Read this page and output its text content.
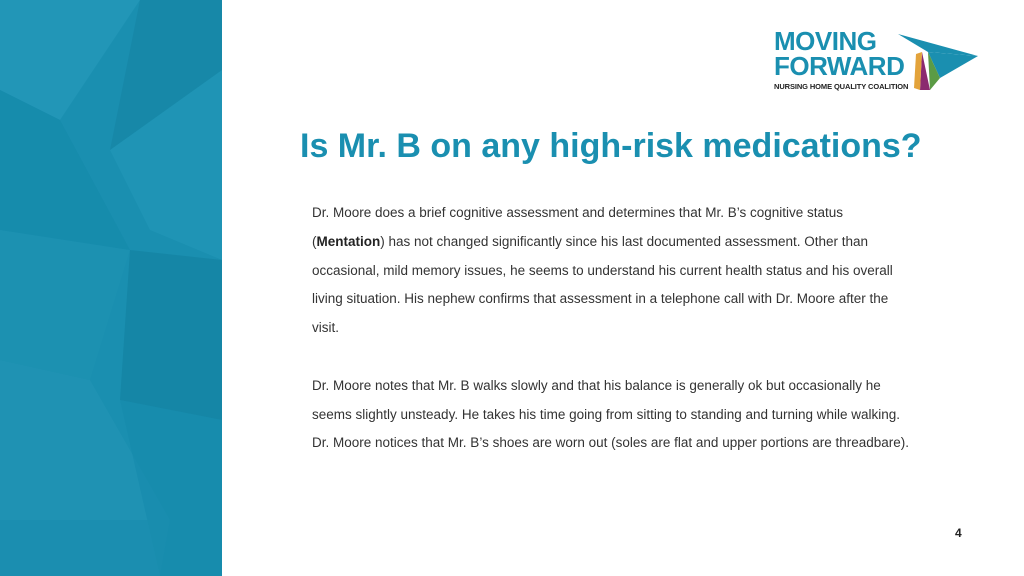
MOVING
FORWARD
NURSING HOME QUALITY COALITION
Is Mr. B on any high-risk medications?

Dr. Moore does a brief cognitive assessment and determines that Mr. B’s cognitive status (Mentation) has not changed significantly since his last documented assessment. Other than occasional, mild memory issues, he seems to understand his current health status and his overall living situation. His nephew confirms that assessment in a telephone call with Dr. Moore after the visit.

Dr. Moore notes that Mr. B walks slowly and that his balance is generally ok but occasionally he seems slightly unsteady. He takes his time going from sitting to standing and turning while walking. Dr. Moore notices that Mr. B’s shoes are worn out (soles are flat and upper portions are threadbare).

4
